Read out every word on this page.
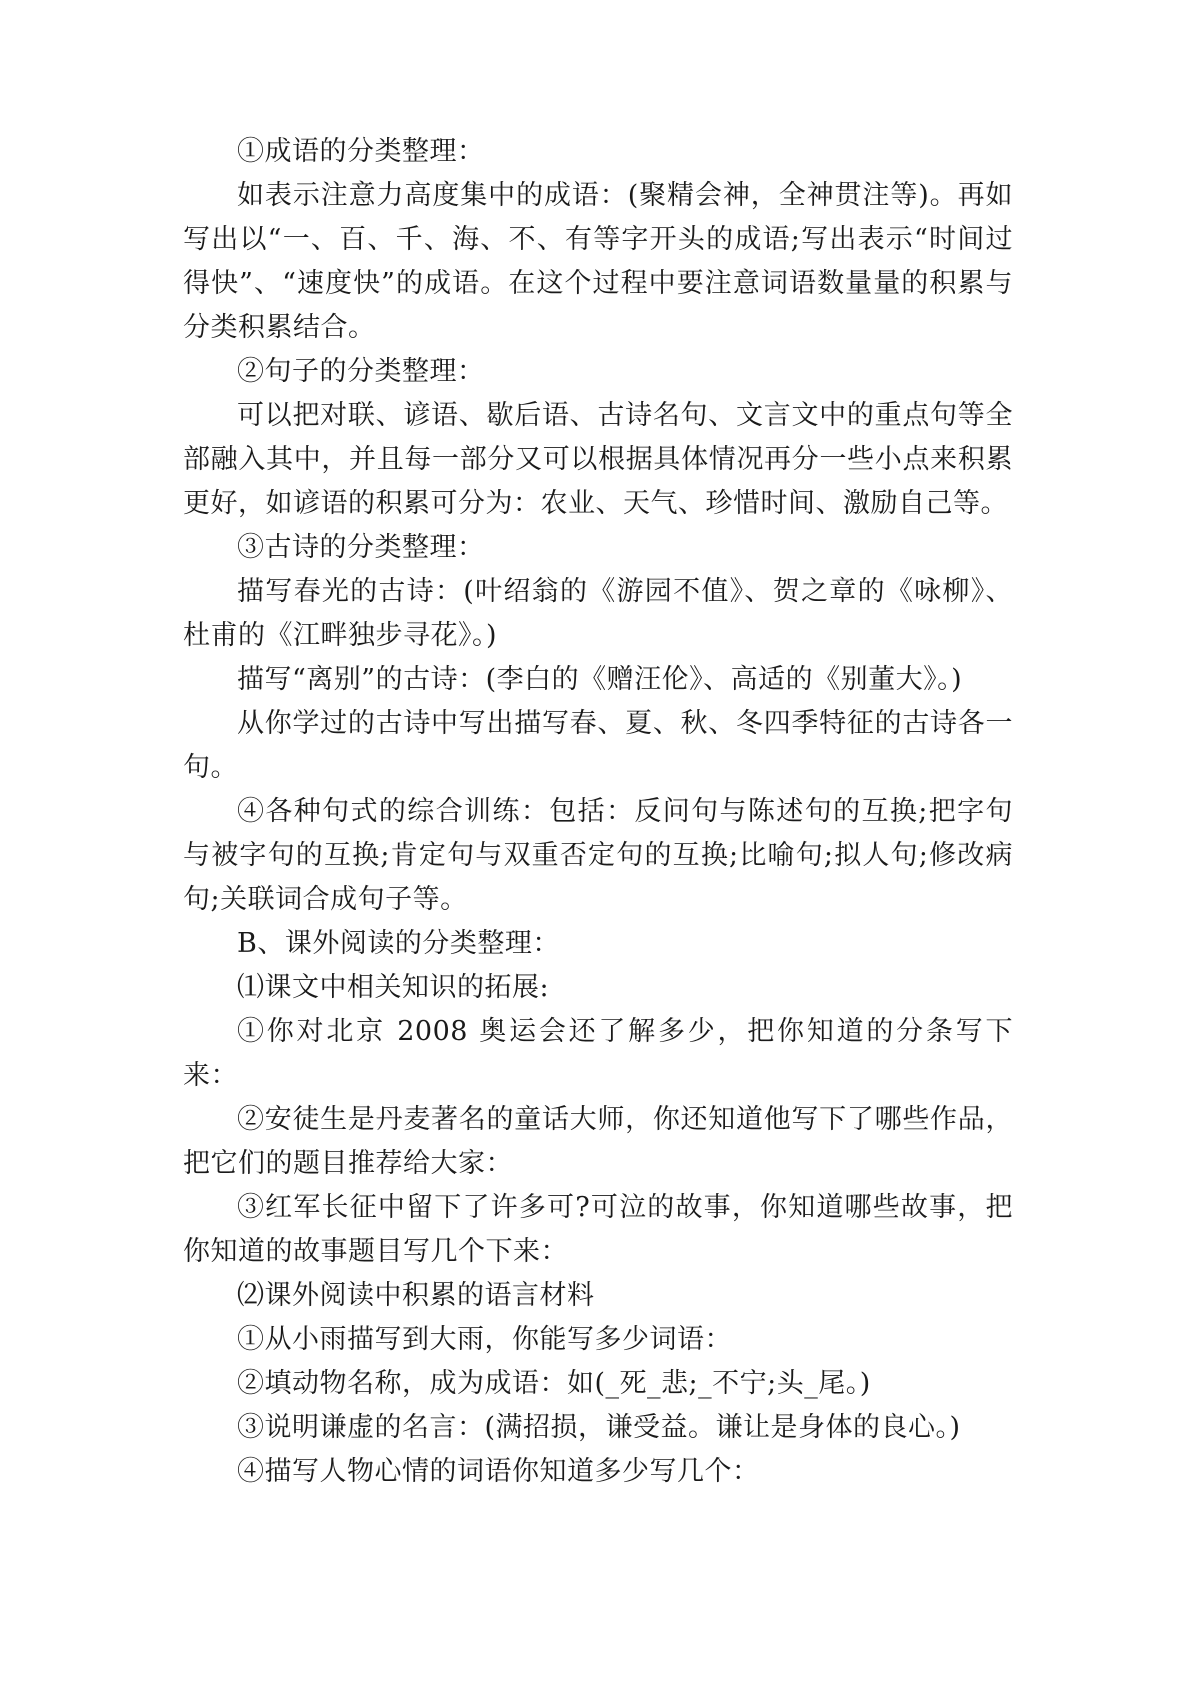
①成语的分类整理：

如表示注意力高度集中的成语：(聚精会神，全神贯注等)。再如写出以“一、百、千、海、不、有等字开头的成语;写出表示“时间过得快”、“速度快”的成语。在这个过程中要注意词语数量量的积累与分类积累结合。

②句子的分类整理：

可以把对联、谚语、歇后语、古诗名句、文言文中的重点句等全部融入其中，并且每一部分又可以根据具体情况再分一些小点来积累更好，如谚语的积累可分为：农业、天气、珍惜时间、激励自己等。

③古诗的分类整理：

描写春光的古诗：(叶绍翁的《游园不值》、贺之章的《咏柳》、杜甫的《江畔独步寻花》。)

描写“离别”的古诗：(李白的《赠汪伦》、高适的《别董大》。)

从你学过的古诗中写出描写春、夏、秋、冬四季特征的古诗各一句。

④各种句式的综合训练：包括：反问句与陈述句的互换;把字句与被字句的互换;肯定句与双重否定句的互换;比喻句;拟人句;修改病句;关联词合成句子等。

B、课外阅读的分类整理：

⑴课文中相关知识的拓展:

①你对北京 2008 奥运会还了解多少，把你知道的分条写下来：

②安徒生是丹麦著名的童话大师，你还知道他写下了哪些作品，把它们的题目推荐给大家：

③红军长征中留下了许多可?可泣的故事，你知道哪些故事，把你知道的故事题目写几个下来：

⑵课外阅读中积累的语言材料

①从小雨描写到大雨，你能写多少词语：

②填动物名称，成为成语：如(_死_悲;_不宁;头_尾。)

③说明谦虚的名言：(满招损，谦受益。谦让是身体的良心。)

④描写人物心情的词语你知道多少写几个：
